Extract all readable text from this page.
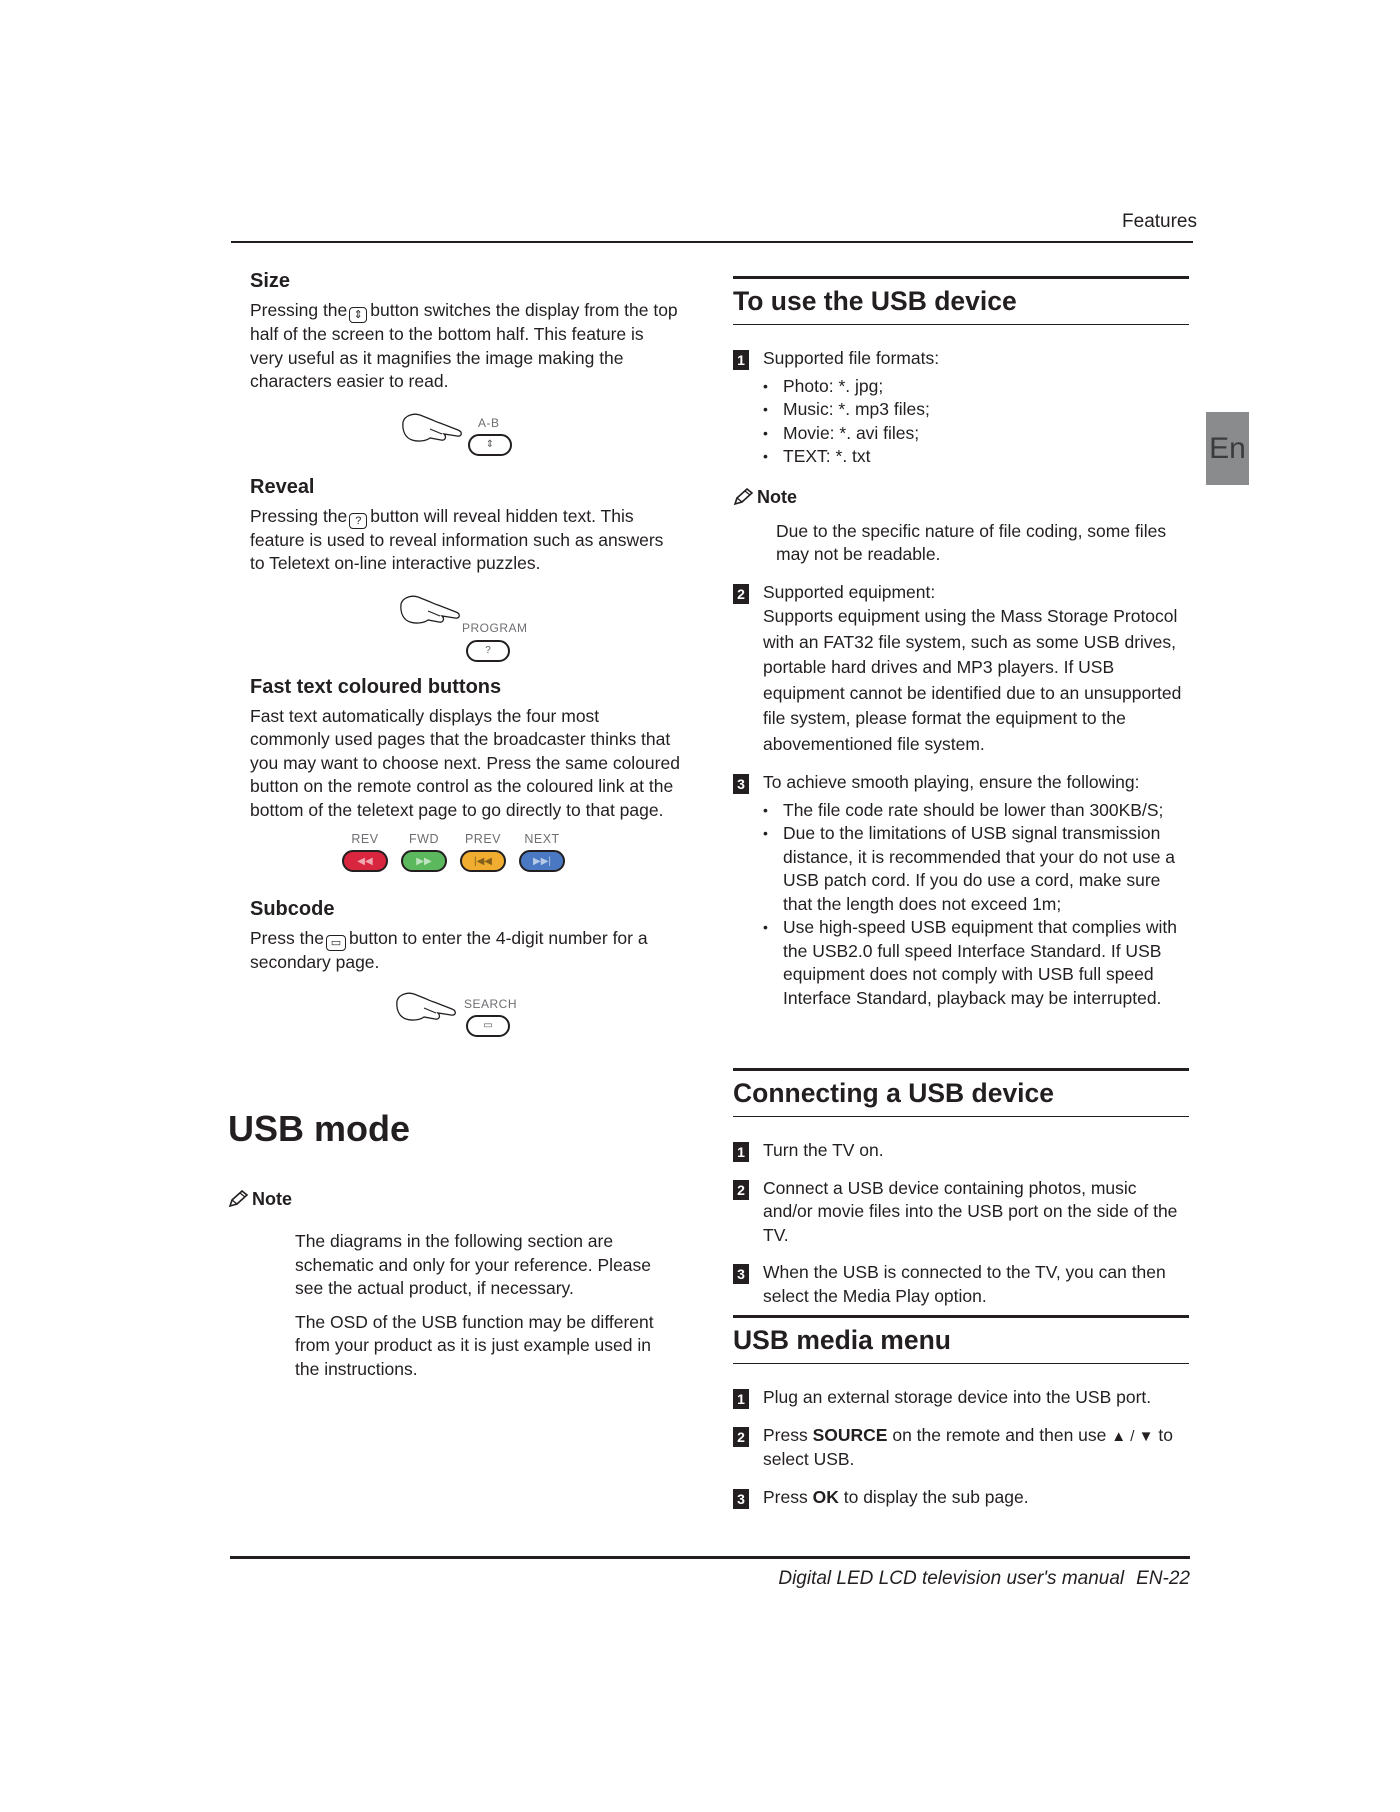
Features
En
Size

Pressing the ⇕ button switches the display from the top half of the screen to the bottom half. This feature is very useful as it magnifies the image making the characters easier to read.

A-B
⇕
Reveal

Pressing the ? button will reveal hidden text. This feature is used to reveal information such as answers to Teletext on-line interactive puzzles.

PROGRAM
?
Fast text coloured buttons

Fast text automatically displays the four most commonly used pages that the broadcaster thinks that you may want to choose next. Press the same coloured button on the remote control as the coloured link at the bottom of the teletext page to go directly to that page.

REV
◀◀
FWD
▶▶
PREV
|◀◀
NEXT
▶▶|
Subcode

Press the ▭ button to enter the 4-digit number for a secondary page.

SEARCH
▭
USB mode
Note

The diagrams in the following section are schematic and only for your reference. Please see the actual product, if necessary.

The OSD of the USB function may be different from your product as it is just example used in the instructions.

To use the USB device
1 Supported file formats:
• Photo: *. jpg;
• Music: *. mp3 files;
• Movie: *. avi files;
• TEXT: *. txt
Note

Due to the specific nature of file coding, some files may not be readable.

2 Supported equipment:
Supports equipment using the Mass Storage Protocol with an FAT32 file system, such as some USB drives, portable hard drives and MP3 players. If USB equipment cannot be identified due to an unsupported file system, please format the equipment to the abovementioned file system.
3 To achieve smooth playing, ensure the following:
• The file code rate should be lower than 300KB/S;
• Due to the limitations of USB signal transmission distance, it is recommended that your do not use a USB patch cord. If you do use a cord, make sure that the length does not exceed 1m;
• Use high-speed USB equipment that complies with the USB2.0 full speed Interface Standard. If USB equipment does not comply with USB full speed Interface Standard, playback may be interrupted.
Connecting a USB device
1 Turn the TV on.
2 Connect a USB device containing photos, music and/or movie files into the USB port on the side of the TV.
3 When the USB is connected to the TV, you can then select the Media Play option.
USB media menu
1 Plug an external storage device into the USB port.
2 Press SOURCE on the remote and then use ▲ / ▼ to select USB.
3 Press OK to display the sub page.
Digital LED LCD television user's manual EN-22
